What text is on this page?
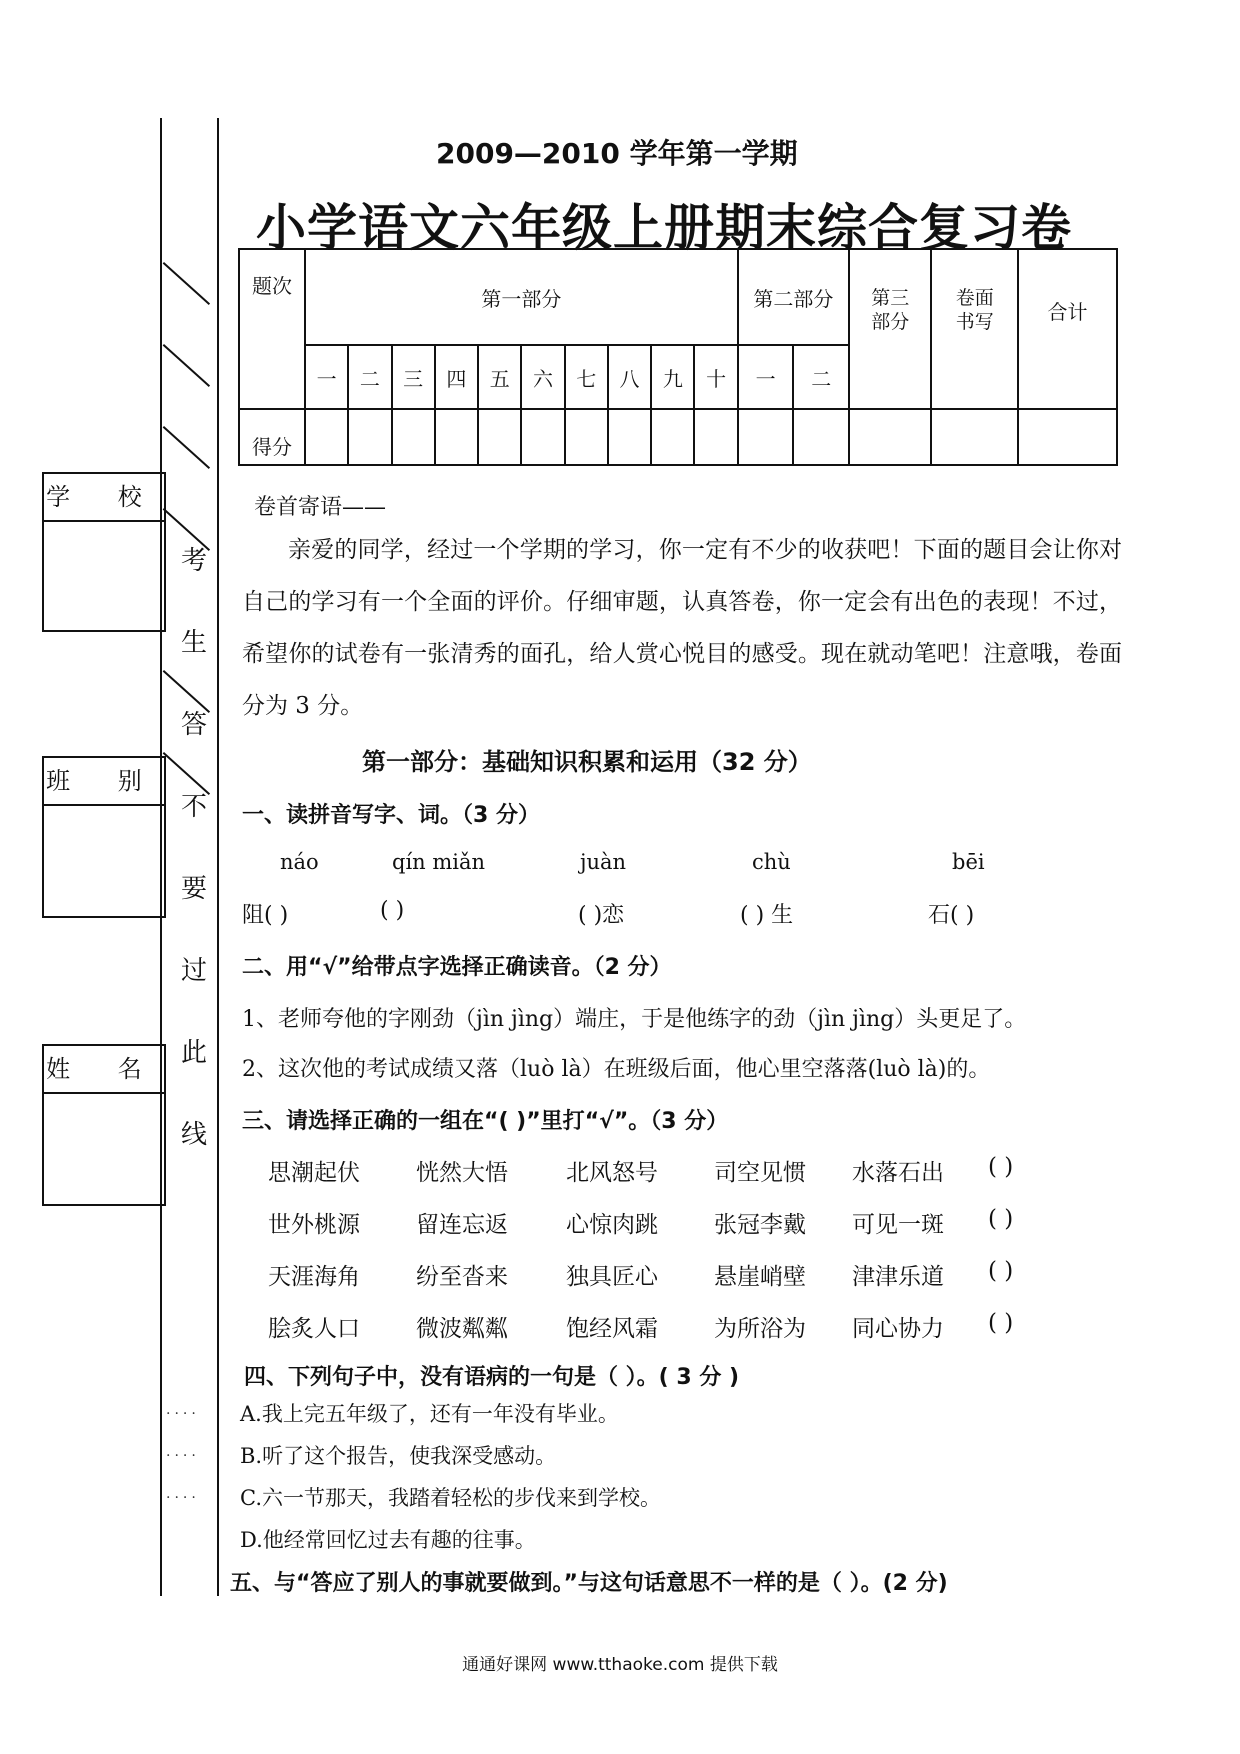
学 校
班 别
姓 名
考
生
答
不
要
过
此
线
....
....
....
2009—2010 学年第一学期
小学语文六年级上册期末综合复习卷
题次	第一部分										第二部分		第三部分	卷面书写	合计
	一	二	三	四	五	六	七	八	九	十	一	二			
得分															
卷首寄语——
亲爱的同学，经过一个学期的学习，你一定有不少的收获吧！下面的题目会让你对自己的学习有一个全面的评价。仔细审题，认真答卷，你一定会有出色的表现！不过，希望你的试卷有一张清秀的面孔，给人赏心悦目的感受。现在就动笔吧！注意哦，卷面分为 3 分。
第一部分：基础知识积累和运用（32 分）
一、读拼音写字、词。（3 分）
náo	qín miǎn	juàn	chù	bēi
阻( )	( )	( )恋	( ) 生	石( )
二、用“√”给带点字选择正确读音。（2 分）
1、老师夸他的字刚劲（jìn jìng）端庄，于是他练字的劲（jìn jìng）头更足了。
2、这次他的考试成绩又落（luò là）在班级后面，他心里空落落(luò là)的。
三、请选择正确的一组在“( )”里打“√”。（3 分）
思潮起伏 恍然大悟	北风怒号 司空见惯 水落石出 ( )
世外桃源 留连忘返	心惊肉跳 张冠李戴 可见一斑 ( )
天涯海角 纷至沓来	独具匠心 悬崖峭壁 津津乐道 ( )
脍炙人口 微波粼粼	饱经风霜 为所浴为 同心协力 ( )
四、下列句子中，没有语病的一句是（ ）。( 3 分 )
A.我上完五年级了，还有一年没有毕业。
B.听了这个报告，使我深受感动。
C.六一节那天，我踏着轻松的步伐来到学校。
D.他经常回忆过去有趣的往事。
五、与“答应了别人的事就要做到。”与这句话意思不一样的是（ ）。(2 分)
通通好课网 www.tthaoke.com 提供下载
